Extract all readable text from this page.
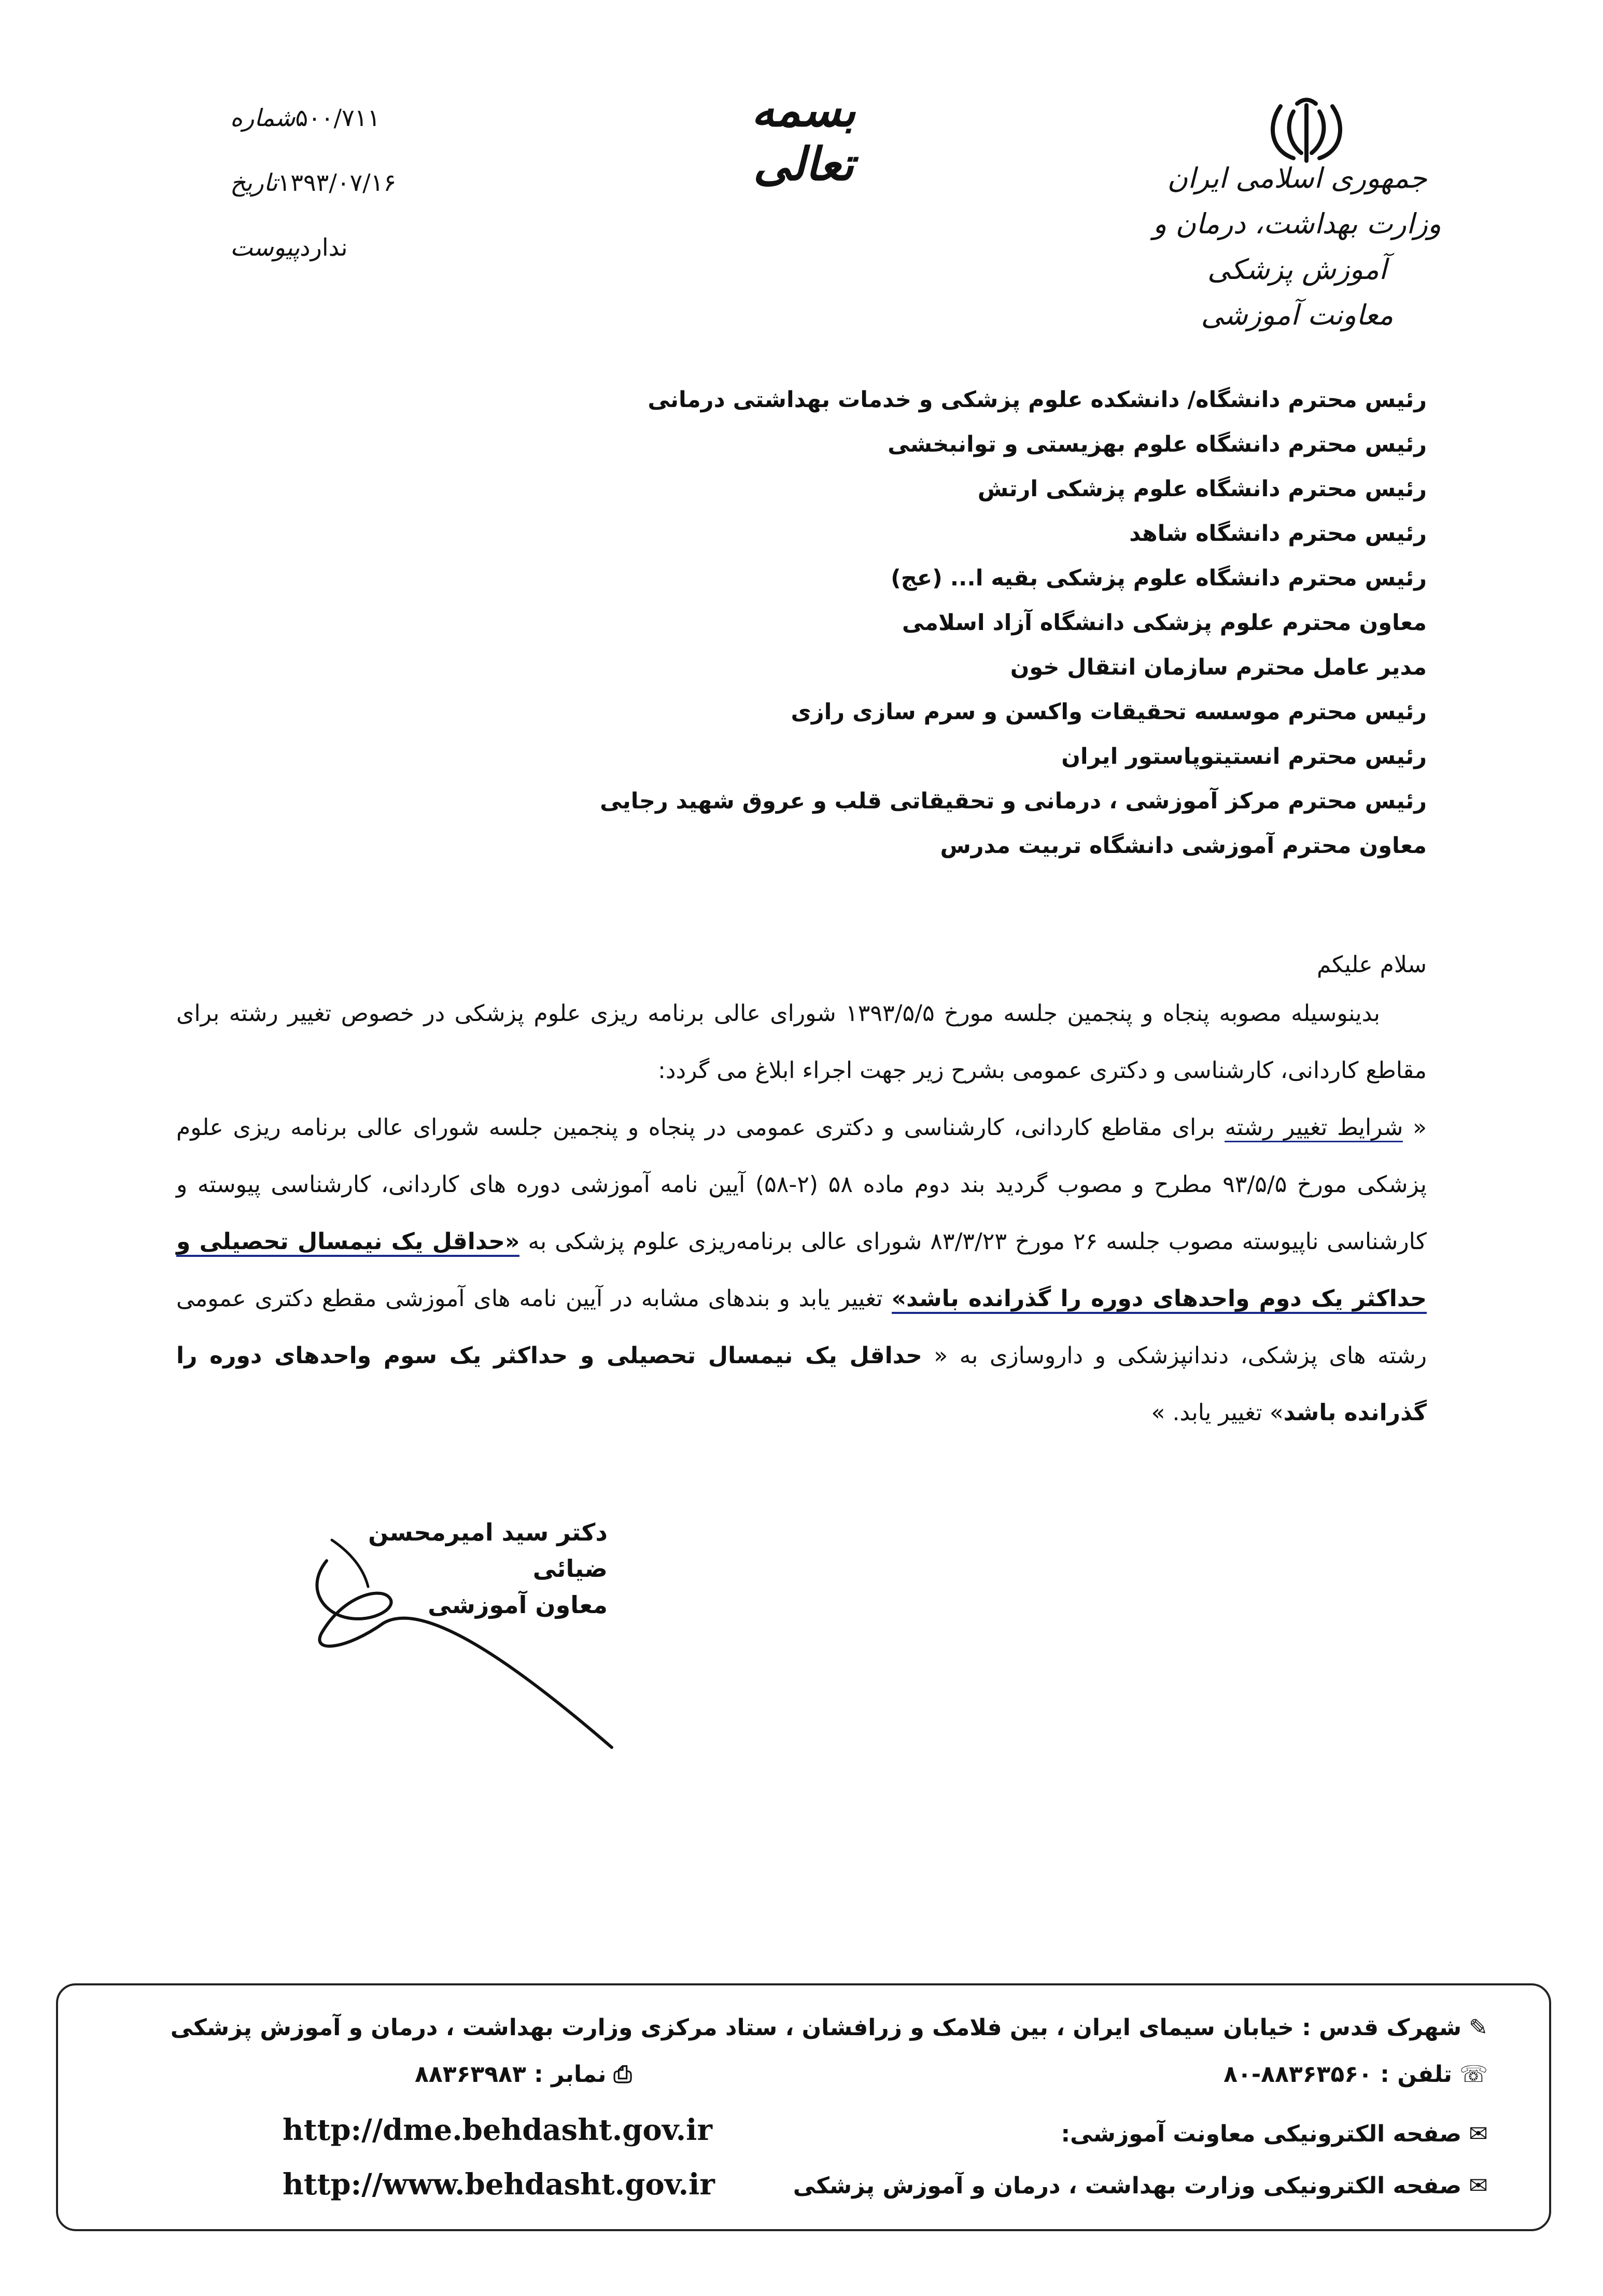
جمهوری اسلامی ایران
وزارت بهداشت، درمان و آموزش پزشکی
معاونت آموزشی
بسمه تعالی
شماره ۵۰۰/۷۱۱
تاریخ ۱۳۹۳/۰۷/۱۶
پیوست ندارد
رئیس محترم دانشگاه/ دانشکده علوم پزشکی و خدمات بهداشتی درمانی
رئیس محترم دانشگاه علوم بهزیستی و توانبخشی
رئیس محترم دانشگاه علوم پزشکی ارتش
رئیس محترم دانشگاه شاهد
رئیس محترم دانشگاه علوم پزشکی بقیه ا... (عج)
معاون محترم علوم پزشکی دانشگاه آزاد اسلامی
مدیر عامل محترم سازمان انتقال خون
رئیس محترم موسسه تحقیقات واکسن و سرم سازی رازی
رئیس محترم انستیتوپاستور ایران
رئیس محترم مرکز آموزشی ، درمانی و تحقیقاتی قلب و عروق شهید رجایی
معاون محترم آموزشی دانشگاه تربیت مدرس
سلام علیکم

بدینوسیله مصوبه پنجاه و پنجمین جلسه مورخ ۱۳۹۳/۵/۵ شورای عالی برنامه ریزی علوم پزشکی در خصوص تغییر رشته برای مقاطع کاردانی، کارشناسی و دکتری عمومی بشرح زیر جهت اجراء ابلاغ می گردد:

« شرایط تغییر رشته برای مقاطع کاردانی، کارشناسی و دکتری عمومی در پنجاه و پنجمین جلسه شورای عالی برنامه ریزی علوم پزشکی مورخ ۹۳/۵/۵ مطرح و مصوب گردید بند دوم ماده ۵۸ (۲-۵۸) آیین نامه آموزشی دوره های کاردانی، کارشناسی پیوسته و کارشناسی ناپیوسته مصوب جلسه ۲۶ مورخ ۸۳/۳/۲۳ شورای عالی برنامه‌ریزی علوم پزشکی به «حداقل یک نیمسال تحصیلی و حداکثر یک دوم واحدهای دوره را گذرانده باشد» تغییر یابد و بندهای مشابه در آیین نامه های آموزشی مقطع دکتری عمومی رشته های پزشکی، دندانپزشکی و داروسازی به « حداقل یک نیمسال تحصیلی و حداکثر یک سوم واحدهای دوره را گذرانده باشد» تغییر یابد. »

دکتر سید امیرمحسن ضیائی
معاون آموزشی
✎شهرک قدس : خیابان سیمای ایران ، بین فلامک و زرافشان ، ستاد مرکزی وزارت بهداشت ، درمان و آموزش پزشکی
☏تلفن : ۸۸۳۶۳۵۶۰-۸۰
⎙نمابر : ۸۸۳۶۳۹۸۳
✉صفحه الکترونیکی معاونت آموزشی:
http://dme.behdasht.gov.ir
✉صفحه الکترونیکی وزارت بهداشت ، درمان و آموزش پزشکی
http://www.behdasht.gov.ir
